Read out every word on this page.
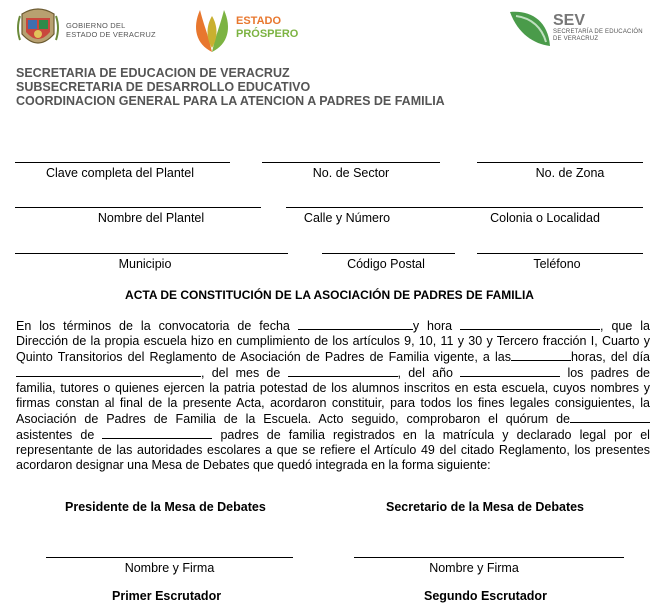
GOBIERNO DEL
ESTADO DE VERACRUZ
ESTADO
PRÓSPERO
SEV
SECRETARÍA DE EDUCACIÓN
DE VERACRUZ
SECRETARIA DE EDUCACION DE VERACRUZ
SUBSECRETARIA DE DESARROLLO EDUCATIVO
COORDINACION GENERAL PARA LA ATENCION A PADRES DE FAMILIA
Clave completa del Plantel	No. de Sector	No. de Zona
Nombre del Plantel	Calle y Número	Colonia o Localidad
Municipio	Código Postal	Teléfono
ACTA DE CONSTITUCIÓN DE LA ASOCIACIÓN DE PADRES DE FAMILIA
En los términos de la convocatoria de fecha	y hora	, que la Dirección de la propia escuela hizo en cumplimiento de los artículos 9, 10, 11 y 30 y Tercero fracción I, Cuarto y Quinto Transitorios del Reglamento de Asociación de Padres de Familia vigente, a las	horas, del día , del mes de	, del año	los padres de familia, tutores o quienes ejercen la patria potestad de los alumnos inscritos en esta escuela, cuyos nombres y firmas constan al final de la presente Acta, acordaron constituir, para todos los fines legales consiguientes, la Asociación de Padres de Familia de la Escuela. Acto seguido, comprobaron el quórum de asistentes de	padres de familia registrados en la matrícula y declarado legal por el representante de las autoridades escolares a que se refiere el Artículo 49 del citado Reglamento, los presentes acordaron designar una Mesa de Debates que quedó integrada en la forma siguiente:
Presidente de la Mesa de Debates	Secretario de la Mesa de Debates
Nombre y Firma	Nombre y Firma
Primer Escrutador	Segundo Escrutador
